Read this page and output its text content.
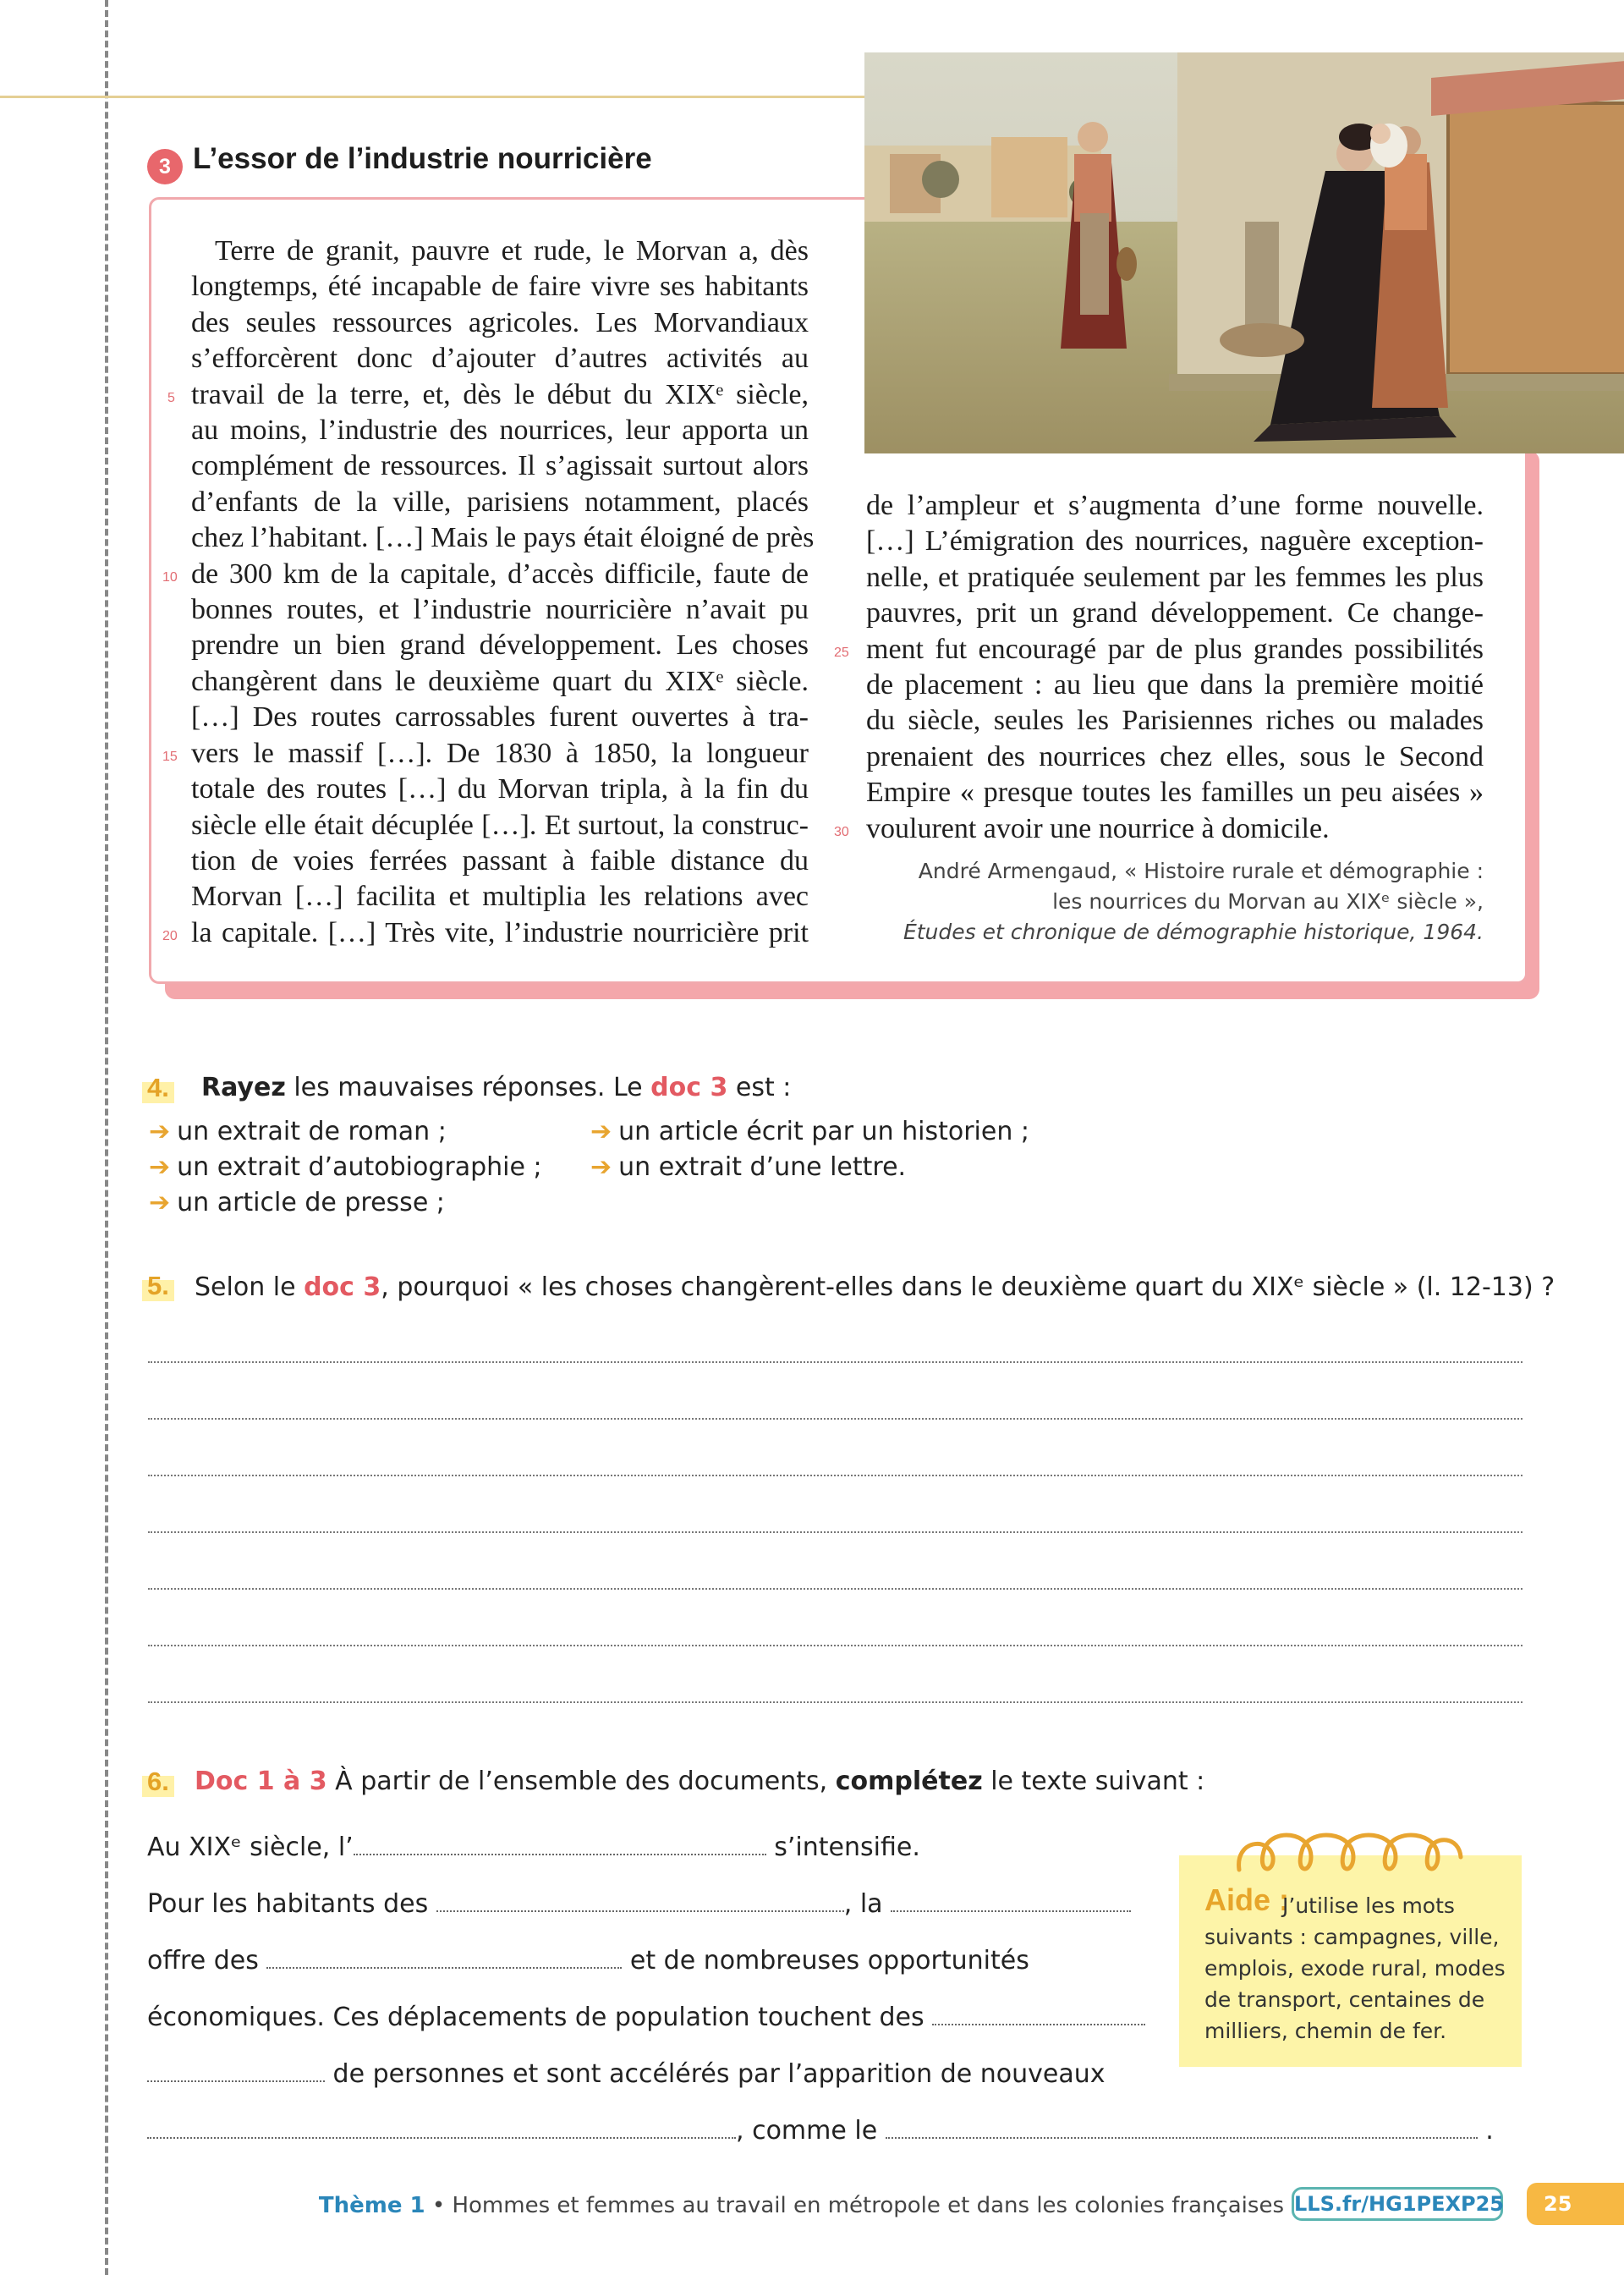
3 L’essor de l’industrie nourricière
Terre de granit, pauvre et rude, le Morvan a, dès
longtemps, été incapable de faire vivre ses habitants
des seules ressources agricoles. Les Morvandiaux
s’efforcèrent donc d’ajouter d’autres activités au
travail de la terre, et, dès le début du XIXᵉ siècle,
au moins, l’industrie des nourrices, leur apporta un
complément de ressources. Il s’agissait surtout alors
d’enfants de la ville, parisiens notamment, placés
chez l’habitant. […] Mais le pays était éloigné de près
de 300 km de la capitale, d’accès difficile, faute de
bonnes routes, et l’industrie nourricière n’avait pu
prendre un bien grand développement. Les choses
changèrent dans le deuxième quart du XIXᵉ siècle.
[…] Des routes carrossables furent ouvertes à tra-
vers le massif […]. De 1830 à 1850, la longueur
totale des routes […] du Morvan tripla, à la fin du
siècle elle était décuplée […]. Et surtout, la construc-
tion de voies ferrées passant à faible distance du
Morvan […] facilita et multiplia les relations avec
la capitale. […] Très vite, l’industrie nourricière prit
5
10
15
20
de l’ampleur et s’augmenta d’une forme nouvelle.
[…] L’émigration des nourrices, naguère exception-
nelle, et pratiquée seulement par les femmes les plus
pauvres, prit un grand développement. Ce change-
ment fut encouragé par de plus grandes possibilités
de placement : au lieu que dans la première moitié
du siècle, seules les Parisiennes riches ou malades
prenaient des nourrices chez elles, sous le Second
Empire « presque toutes les familles un peu aisées »
voulurent avoir une nourrice à domicile.
25
30
André Armengaud, « Histoire rurale et démographie :
les nourrices du Morvan au XIXᵉ siècle »,
Études et chronique de démographie historique, 1964.
4. Rayez les mauvaises réponses. Le doc 3 est :
➔ un extrait de roman ;
➔ un extrait d’autobiographie ;
➔ un article de presse ;
➔ un article écrit par un historien ;
➔ un extrait d’une lettre.
5. Selon le doc 3, pourquoi « les choses changèrent-elles dans le deuxième quart du XIXᵉ siècle » (l. 12-13) ?
6. Doc 1 à 3 À partir de l’ensemble des documents, complétez le texte suivant :
Au XIXᵉ siècle, l’	s’intensifie.
Pour les habitants des	, la
offre des	et de nombreuses opportunités
économiques. Ces déplacements de population touchent des
de personnes et sont accélérés par l’apparition de nouveaux
, comme le	.
Aide :
J’utilise les mots suivants : campagnes, ville, emplois, exode rural, modes de transport, centaines de milliers, chemin de fer.
Thème 1 • Hommes et femmes au travail en métropole et dans les colonies françaises LLS.fr/HG1PEXP25	25
